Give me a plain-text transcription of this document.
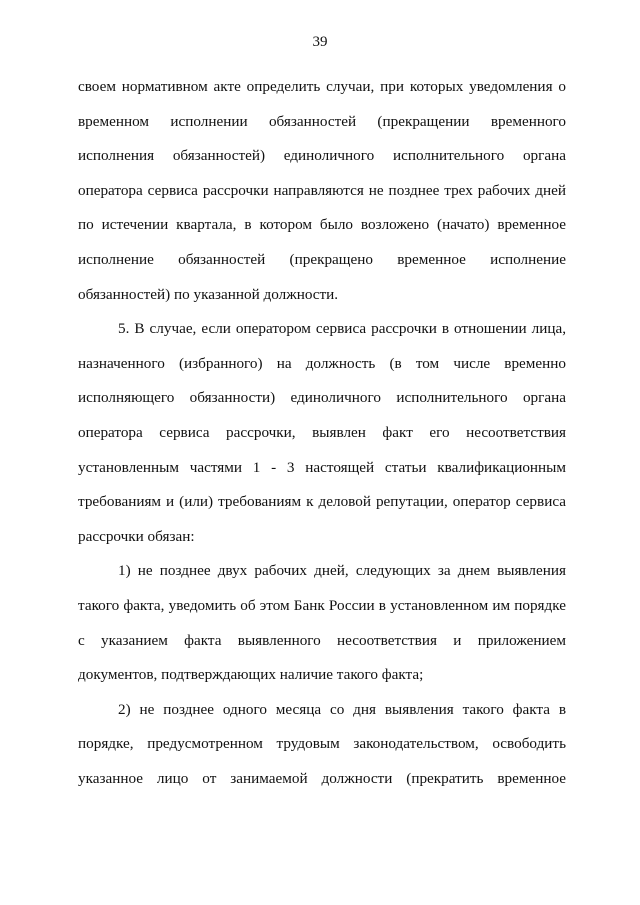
39
своем нормативном акте определить случаи, при которых уведомления о
временном исполнении обязанностей (прекращении временного
исполнения обязанностей) единоличного исполнительного органа
оператора сервиса рассрочки направляются не позднее трех рабочих дней
по истечении квартала, в котором было возложено (начато) временное
исполнение обязанностей (прекращено временное исполнение
обязанностей) по указанной должности.
5. В случае, если оператором сервиса рассрочки в отношении лица,
назначенного (избранного) на должность (в том числе временно
исполняющего обязанности) единоличного исполнительного органа
оператора сервиса рассрочки, выявлен факт его несоответствия
установленным частями 1 - 3 настоящей статьи квалификационным
требованиям и (или) требованиям к деловой репутации, оператор сервиса
рассрочки обязан:
1) не позднее двух рабочих дней, следующих за днем выявления
такого факта, уведомить об этом Банк России в установленном им порядке
с указанием факта выявленного несоответствия и приложением
документов, подтверждающих наличие такого факта;
2) не позднее одного месяца со дня выявления такого факта в
порядке, предусмотренном трудовым законодательством, освободить
указанное лицо от занимаемой должности (прекратить временное
